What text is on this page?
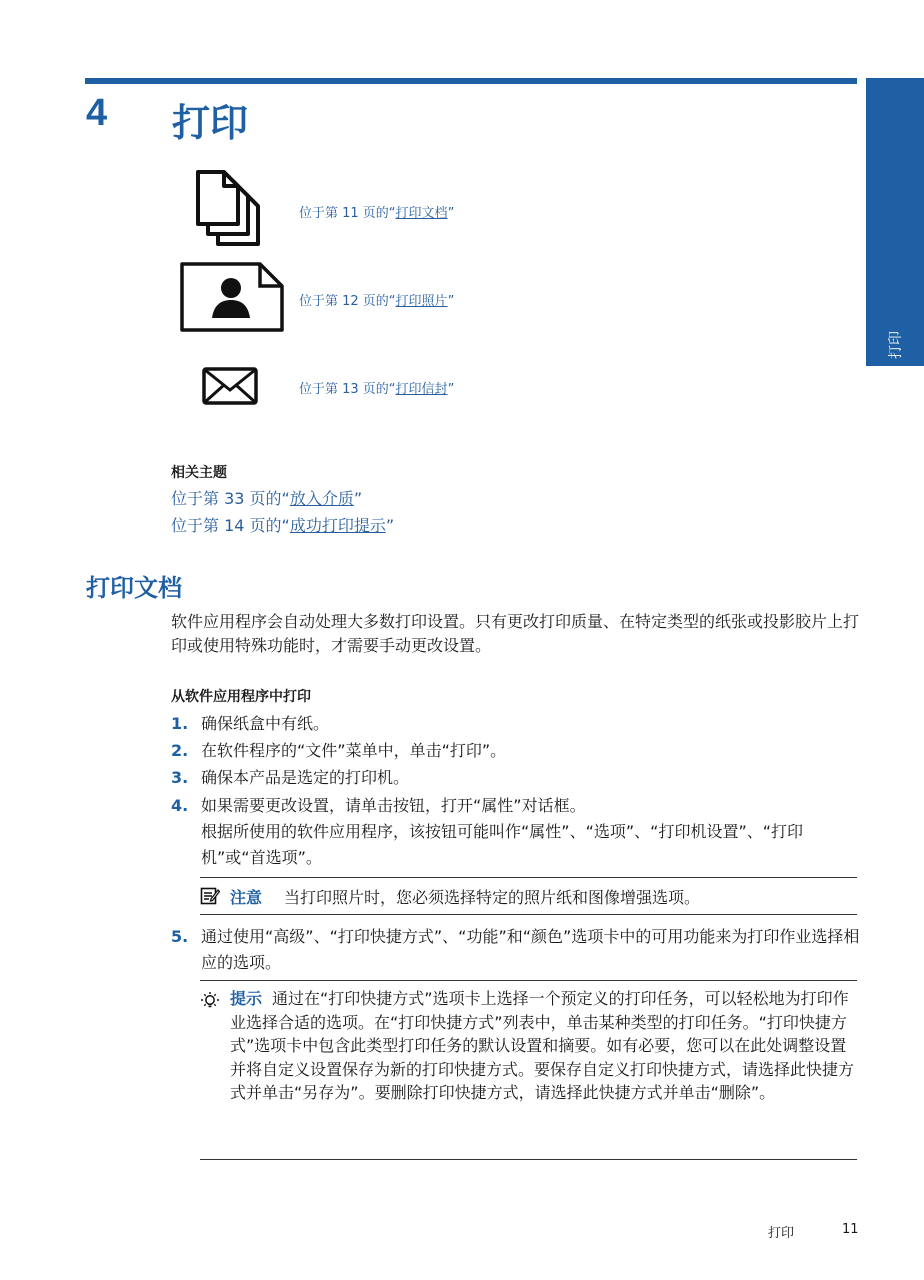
打印
4 打印
位于第 11 页的“打印文档”
位于第 12 页的“打印照片”
位于第 13 页的“打印信封”
相关主题
位于第 33 页的“放入介质”
位于第 14 页的“成功打印提示”
打印文档
软件应用程序会自动处理大多数打印设置。只有更改打印质量、在特定类型的纸张或投影胶片上打印或使用特殊功能时，才需要手动更改设置。
从软件应用程序中打印
1. 确保纸盒中有纸。
2. 在软件程序的“文件”菜单中，单击“打印”。
3. 确保本产品是选定的打印机。
4. 如果需要更改设置，请单击按钮，打开“属性”对话框。
根据所使用的软件应用程序，该按钮可能叫作“属性”、“选项”、“打印机设置”、“打印机”或“首选项”。
注意 当打印照片时，您必须选择特定的照片纸和图像增强选项。
5. 通过使用“高级”、“打印快捷方式”、“功能”和“颜色”选项卡中的可用功能来为打印作业选择相应的选项。
提示 通过在“打印快捷方式”选项卡上选择一个预定义的打印任务，可以轻松地为打印作业选择合适的选项。在“打印快捷方式”列表中，单击某种类型的打印任务。“打印快捷方式”选项卡中包含此类型打印任务的默认设置和摘要。如有必要，您可以在此处调整设置并将自定义设置保存为新的打印快捷方式。要保存自定义打印快捷方式，请选择此快捷方式并单击“另存为”。要删除打印快捷方式，请选择此快捷方式并单击“删除”。
打印	11
